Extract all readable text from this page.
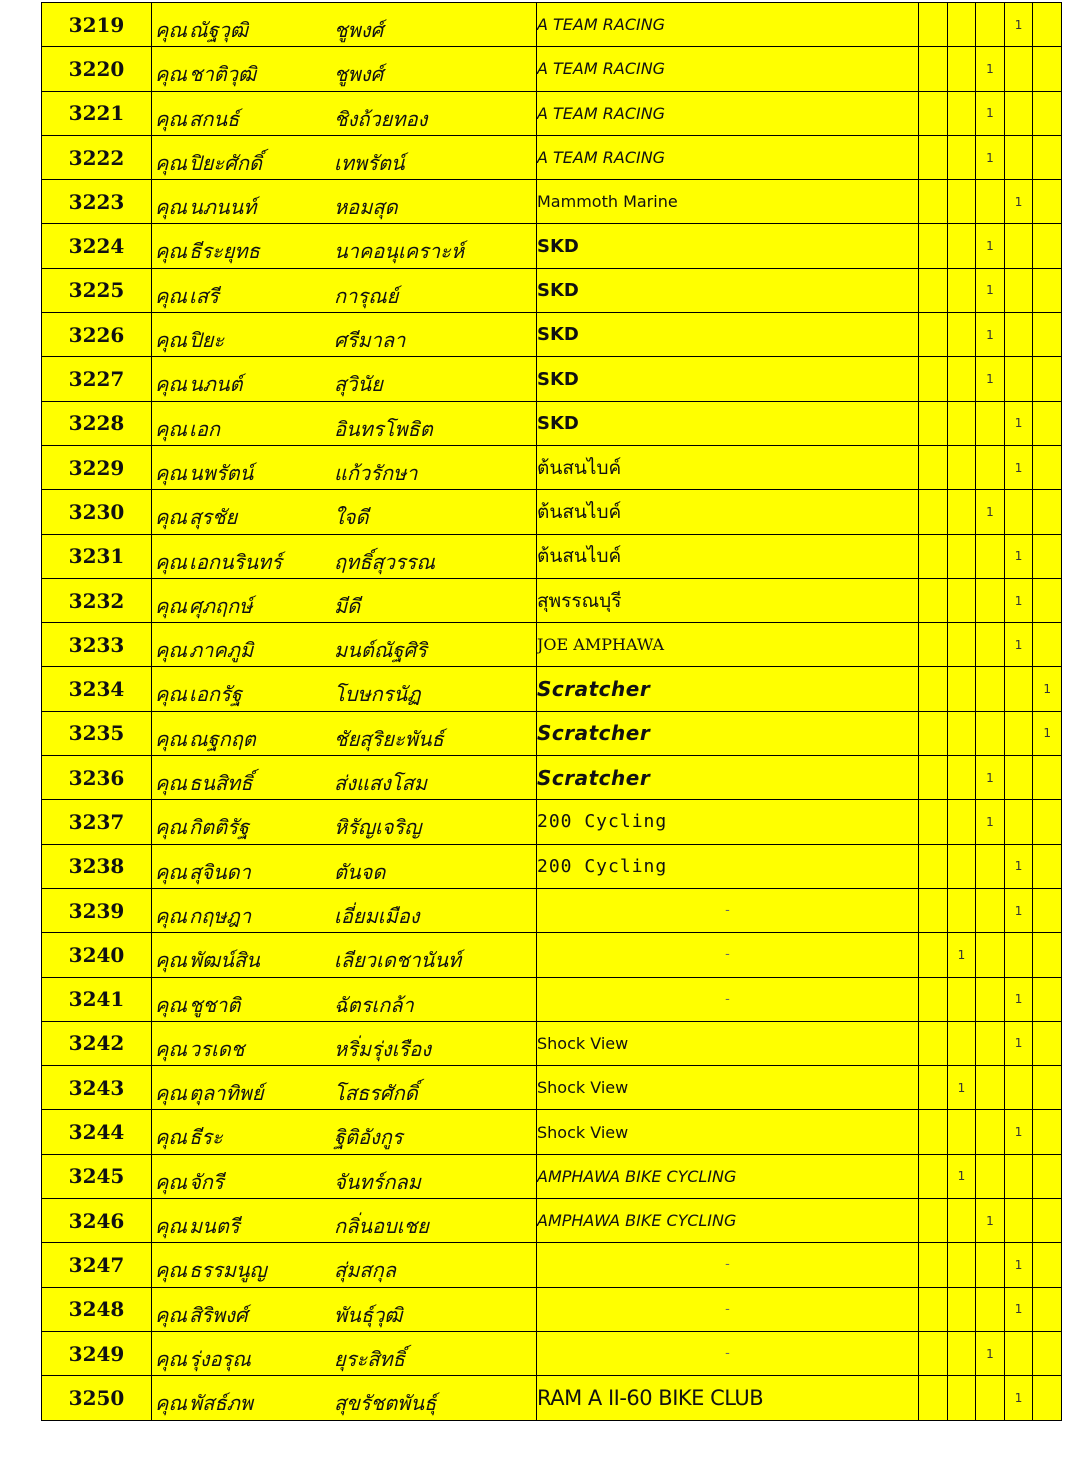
3219	คุณ ณัฐวุฒิ ชูพงศ์	A TEAM RACING				1	
3220	คุณ ชาติวุฒิ ชูพงศ์	A TEAM RACING			1		
3221	คุณ สกนธ์ ชิงถ้วยทอง	A TEAM RACING			1		
3222	คุณ ปิยะศักดิ์ เทพรัตน์	A TEAM RACING			1		
3223	คุณ นภนนท์ หอมสุด	Mammoth Marine				1	
3224	คุณ ธีระยุทธ นาคอนุเคราะห์	SKD			1		
3225	คุณ เสรี การุณย์	SKD			1		
3226	คุณ ปิยะ ศรีมาลา	SKD			1		
3227	คุณ นภนต์ สุวินัย	SKD			1		
3228	คุณ เอก อินทรโพธิต	SKD				1	
3229	คุณ นพรัตน์ แก้วรักษา	ต้นสนไบค์				1	
3230	คุณ สุรชัย ใจดี	ต้นสนไบค์			1		
3231	คุณ เอกนรินทร์ ฤทธิ์สุวรรณ	ต้นสนไบค์				1	
3232	คุณ ศุภฤกษ์ มีดี	สุพรรณบุรี				1	
3233	คุณ ภาคภูมิ มนต์ณัฐศิริ	JOE AMPHAWA				1	
3234	คุณ เอกรัฐ โบษกรนัฏ	Scratcher					1
3235	คุณ ณฐกฤต ชัยสุริยะพันธ์	Scratcher					1
3236	คุณ ธนสิทธิ์ ส่งแสงโสม	Scratcher			1		
3237	คุณ กิตติรัฐ หิรัญเจริญ	200 Cycling			1		
3238	คุณ สุจินดา ตันจด	200 Cycling				1	
3239	คุณ กฤษฎา เอี่ยมเมือง	-				1	
3240	คุณ พัฒน์สิน เลียวเดชานันท์	-		1			
3241	คุณ ชูชาติ ฉัตรเกล้า	-				1	
3242	คุณ วรเดช หริ่มรุ่งเรือง	Shock View				1	
3243	คุณ ตุลาทิพย์ โสธรศักดิ์	Shock View		1			
3244	คุณ ธีระ ฐิติอังกูร	Shock View				1	
3245	คุณ จักรี จันทร์กลม	AMPHAWA BIKE CYCLING		1			
3246	คุณ มนตรี กลิ่นอบเชย	AMPHAWA BIKE CYCLING			1		
3247	คุณ ธรรมนูญ สุ่มสกุล	-				1	
3248	คุณ สิริพงศ์ พันธุ์วุฒิ	-				1	
3249	คุณ รุ่งอรุณ ยุระสิทธิ์	-			1		
3250	คุณ พัสธ์ภพ สุขรัชตพันธุ์	RAM A II-60 BIKE CLUB				1	
